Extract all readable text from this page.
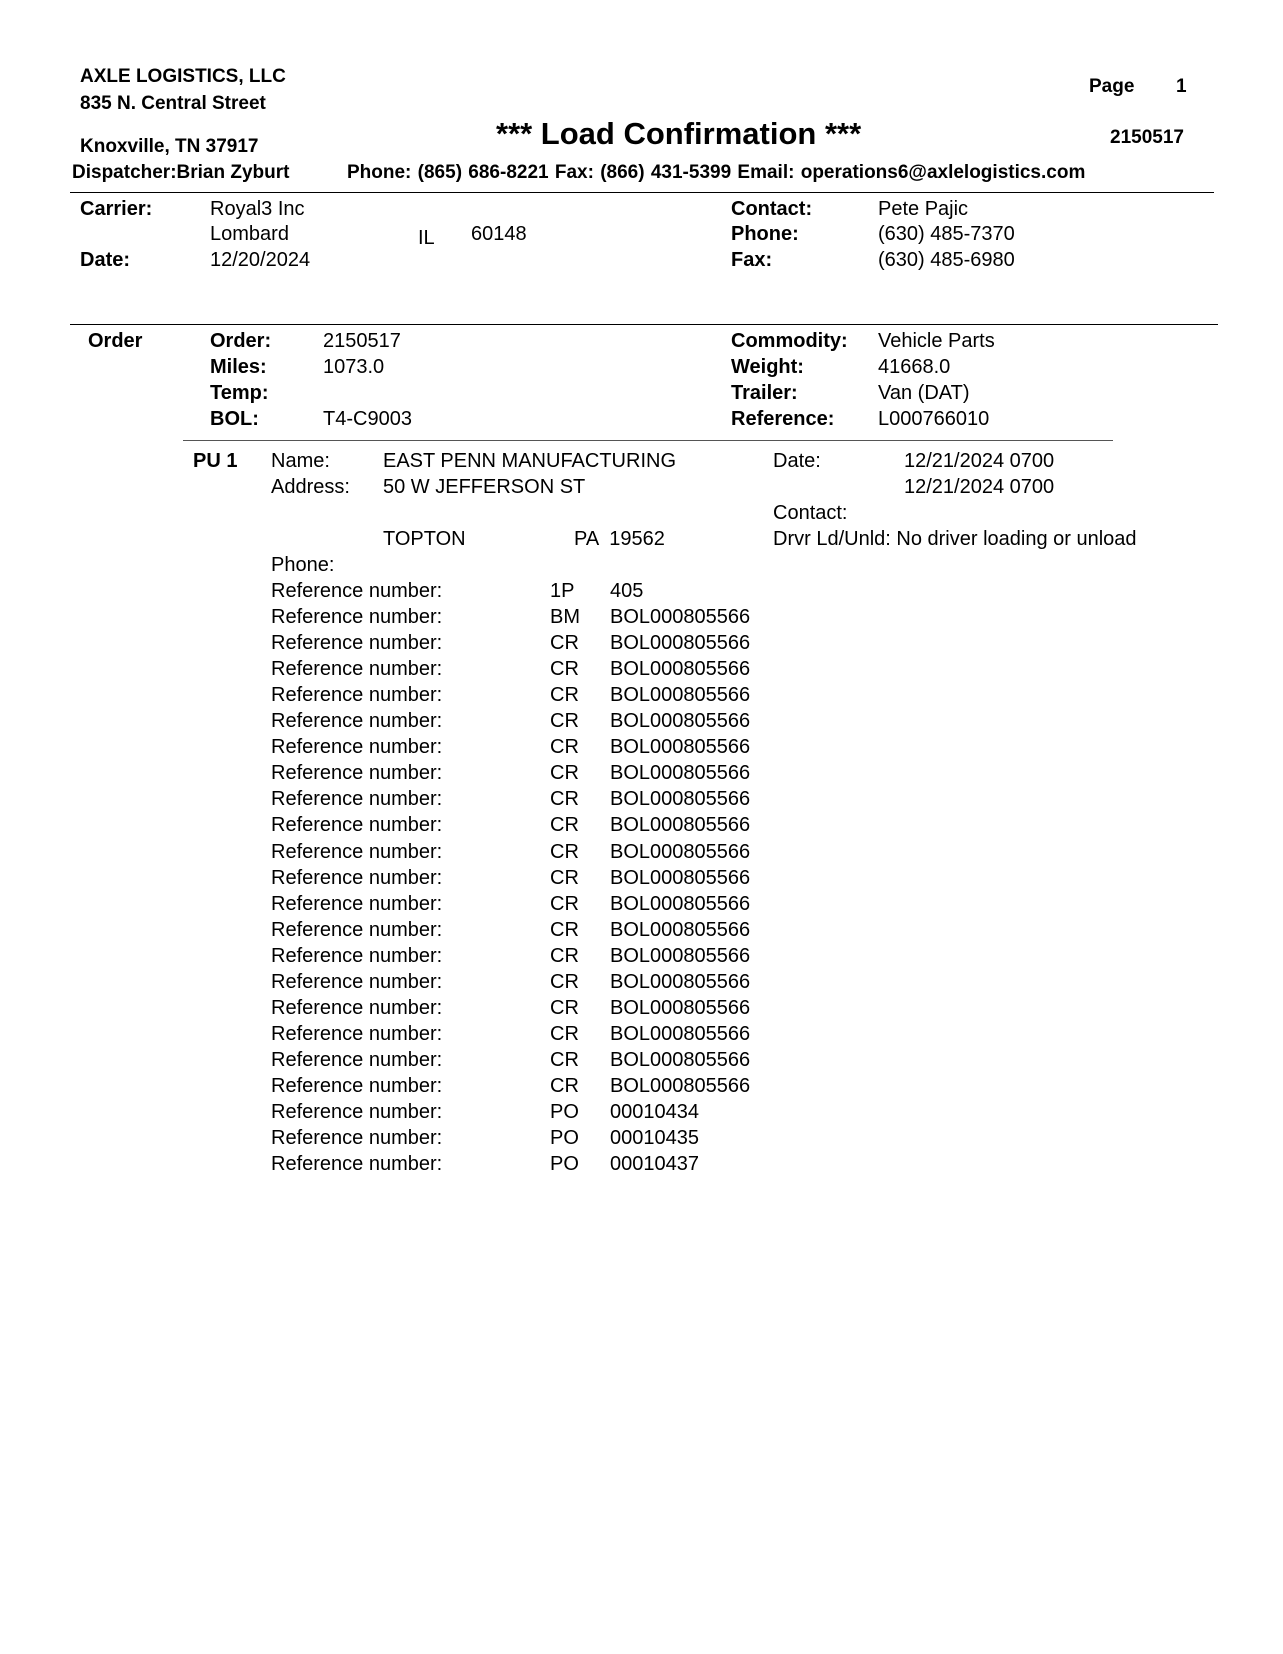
AXLE LOGISTICS, LLC
835 N. Central Street
Knoxville, TN 37917
Dispatcher:Brian Zyburt	Phone: (865) 686-8221 Fax: (866) 431-5399 Email: operations6@axlelogistics.com
Page 1
*** Load Confirmation ***	2150517
Carrier:	Royal3 Inc
Lombard	IL 60148
Date:	12/20/2024
Contact:	Pete Pajic
Phone:	(630) 485-7370
Fax:	(630) 485-6980
Order	Order:	2150517
Miles:	1073.0
Temp:
BOL:	T4-C9003
Commodity: Vehicle Parts
Weight:	41668.0
Trailer:	Van (DAT)
Reference: L000766010
PU 1 Name:	EAST PENN MANUFACTURING
Address: 50 W JEFFERSON ST
TOPTON	PA  19562
Phone:
Date:	12/21/2024 0700
12/21/2024 0700
Contact:
Drvr Ld/Unld: No driver loading or unload
Reference number:	1P 405
Reference number:	BM BOL000805566
Reference number:	CR BOL000805566
Reference number:	CR BOL000805566
Reference number:	CR BOL000805566
Reference number:	CR BOL000805566
Reference number:	CR BOL000805566
Reference number:	CR BOL000805566
Reference number:	CR BOL000805566
Reference number:	CR BOL000805566
Reference number:	CR BOL000805566
Reference number:	CR BOL000805566
Reference number:	CR BOL000805566
Reference number:	CR BOL000805566
Reference number:	CR BOL000805566
Reference number:	CR BOL000805566
Reference number:	CR BOL000805566
Reference number:	CR BOL000805566
Reference number:	CR BOL000805566
Reference number:	CR BOL000805566
Reference number:	PO 00010434
Reference number:	PO 00010435
Reference number:	PO 00010437
